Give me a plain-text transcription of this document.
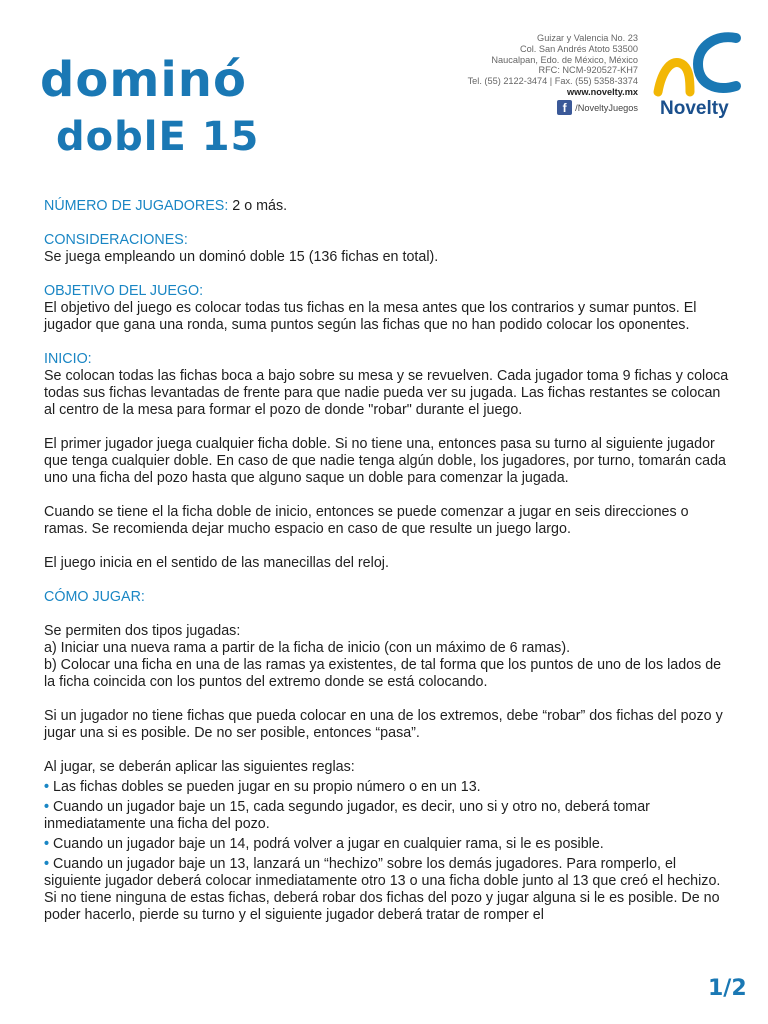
dominó
doblE 15
Guizar y Valencia No. 23
Col. San Andrés Atoto 53500
Naucalpan, Edo. de México, México
RFC: NCM-920527-KH7
Tel. (55) 2122-3474 | Fax. (55) 5358-3374
www.novelty.mx
f /NoveltyJuegos Novelty

NÚMERO DE JUGADORES: 2 o más.

CONSIDERACIONES:

Se juega empleando un dominó doble 15 (136 fichas en total).

OBJETIVO DEL JUEGO:

El objetivo del juego es colocar todas tus fichas en la mesa antes que los contrarios y sumar puntos. El jugador que gana una ronda, suma puntos según las fichas que no han podido colocar los oponentes.

INICIO:

Se colocan todas las fichas boca a bajo sobre su mesa y se revuelven. Cada jugador toma 9 fichas y coloca todas sus fichas levantadas de frente para que nadie pueda ver su jugada. Las fichas restantes se colocan al centro de la mesa para formar el pozo de donde "robar" durante el juego.

El primer jugador juega cualquier ficha doble. Si no tiene una, entonces pasa su turno al siguiente jugador que tenga cualquier doble. En caso de que nadie tenga algún doble, los jugadores, por turno, tomarán cada uno una ficha del pozo hasta que alguno saque un doble para comenzar la jugada.

Cuando se tiene el la ficha doble de inicio, entonces se puede comenzar a jugar en seis direcciones o ramas. Se recomienda dejar mucho espacio en caso de que resulte un juego largo.

El juego inicia en el sentido de las manecillas del reloj.

CÓMO JUGAR:

Se permiten dos tipos jugadas:
a) Iniciar una nueva rama a partir de la ficha de inicio (con un máximo de 6 ramas).

b) Colocar una ficha en una de las ramas ya existentes, de tal forma que los puntos de uno de los lados de la ficha coincida con los puntos del extremo donde se está colocando.

Si un jugador no tiene fichas que pueda colocar en una de los extremos, debe “robar” dos fichas del pozo y jugar una si es posible. De no ser posible, entonces “pasa”.

Al jugar, se deberán aplicar las siguientes reglas:
• Las fichas dobles se pueden jugar en su propio número o en un 13.
• Cuando un jugador baje un 15, cada segundo jugador, es decir, uno si y otro no, deberá tomar inmediatamente una ficha del pozo.
• Cuando un jugador baje un 14, podrá volver a jugar en cualquier rama, si le es posible.
• Cuando un jugador baje un 13, lanzará un “hechizo” sobre los demás jugadores. Para romperlo, el siguiente jugador deberá colocar inmediatamente otro 13 o una ficha doble junto al 13 que creó el hechizo. Si no tiene ninguna de estas fichas, deberá robar dos fichas del pozo y jugar alguna si le es posible. De no poder hacerlo, pierde su turno y el siguiente jugador deberá tratar de romper el
1/2
